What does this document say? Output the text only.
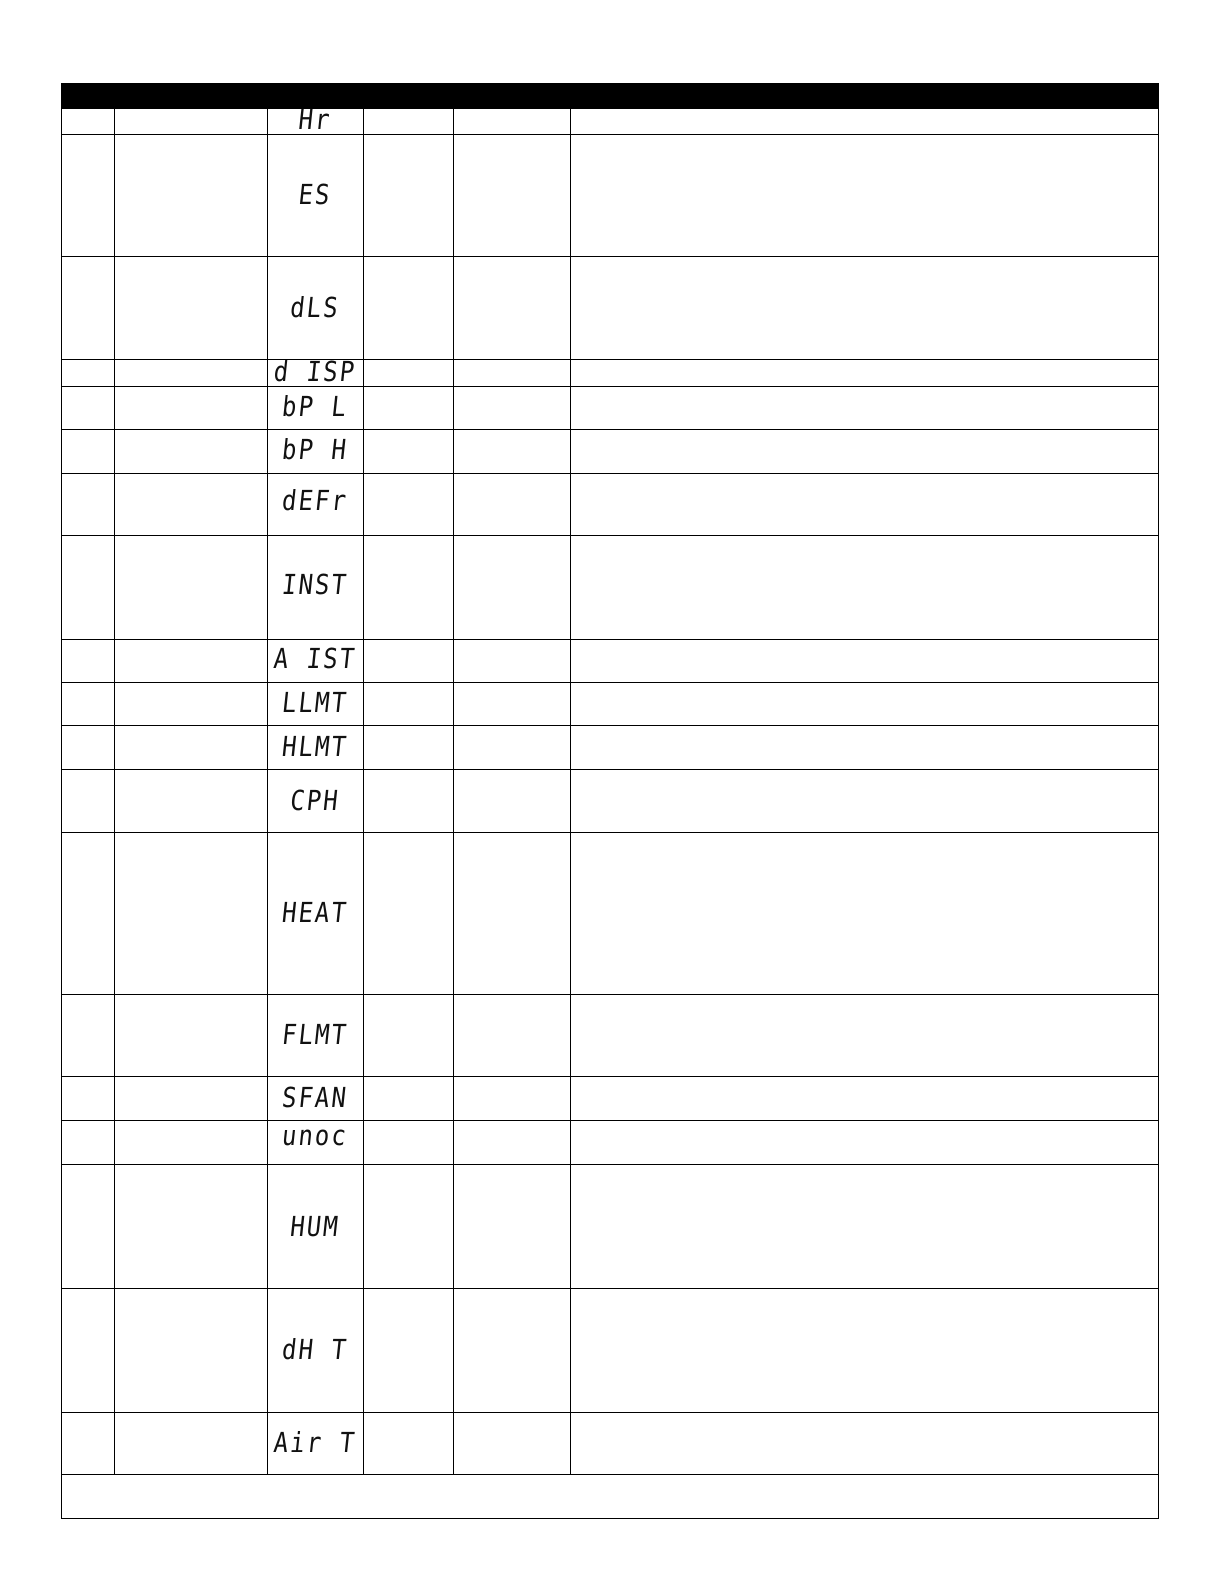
Hr
ES
dLS
d ISP
bP L
bP H
dEFr
INST
A IST
LLMT
HLMT
CPH
HEAT
FLMT
SFAN
unoc
HUM
dH T
Air T
